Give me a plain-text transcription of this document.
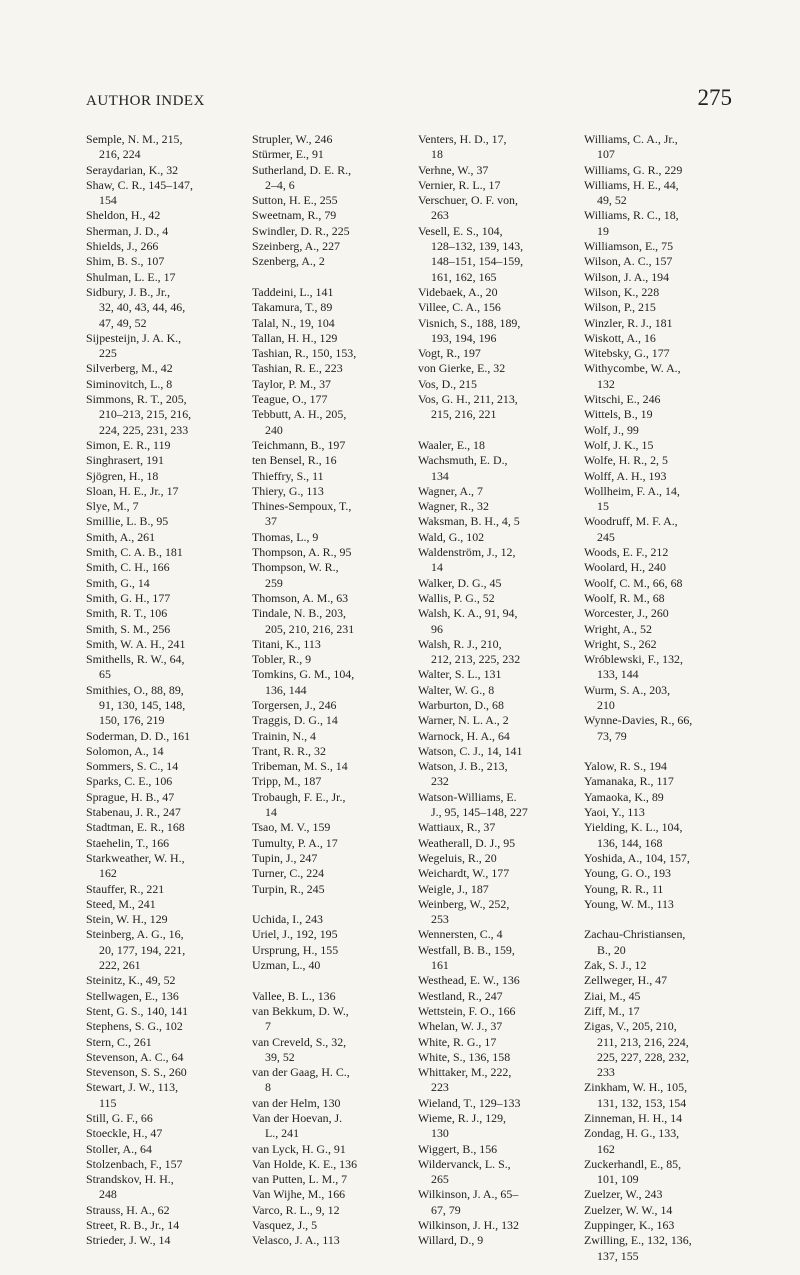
AUTHOR INDEX	275
Semple, N. M., 215,
216, 224
Seraydarian, K., 32
Shaw, C. R., 145–147,
154
Sheldon, H., 42
Sherman, J. D., 4
Shields, J., 266
Shim, B. S., 107
Shulman, L. E., 17
Sidbury, J. B., Jr.,
32, 40, 43, 44, 46,
47, 49, 52
Sijpesteijn, J. A. K.,
225
Silverberg, M., 42
Siminovitch, L., 8
Simmons, R. T., 205,
210–213, 215, 216,
224, 225, 231, 233
Simon, E. R., 119
Singhrasert, 191
Sjögren, H., 18
Sloan, H. E., Jr., 17
Slye, M., 7
Smillie, L. B., 95
Smith, A., 261
Smith, C. A. B., 181
Smith, C. H., 166
Smith, G., 14
Smith, G. H., 177
Smith, R. T., 106
Smith, S. M., 256
Smith, W. A. H., 241
Smithells, R. W., 64,
65
Smithies, O., 88, 89,
91, 130, 145, 148,
150, 176, 219
Soderman, D. D., 161
Solomon, A., 14
Sommers, S. C., 14
Sparks, C. E., 106
Sprague, H. B., 47
Stabenau, J. R., 247
Stadtman, E. R., 168
Staehelin, T., 166
Starkweather, W. H.,
162
Stauffer, R., 221
Steed, M., 241
Stein, W. H., 129
Steinberg, A. G., 16,
20, 177, 194, 221,
222, 261
Steinitz, K., 49, 52
Stellwagen, E., 136
Stent, G. S., 140, 141
Stephens, S. G., 102
Stern, C., 261
Stevenson, A. C., 64
Stevenson, S. S., 260
Stewart, J. W., 113,
115
Still, G. F., 66
Stoeckle, H., 47
Stoller, A., 64
Stolzenbach, F., 157
Strandskov, H. H.,
248
Strauss, H. A., 62
Street, R. B., Jr., 14
Strieder, J. W., 14
Strupler, W., 246
Stürmer, E., 91
Sutherland, D. E. R.,
2–4, 6
Sutton, H. E., 255
Sweetnam, R., 79
Swindler, D. R., 225
Szeinberg, A., 227
Szenberg, A., 2
Taddeini, L., 141
Takamura, T., 89
Talal, N., 19, 104
Tallan, H. H., 129
Tashian, R., 150, 153,
Tashian, R. E., 223
Taylor, P. M., 37
Teague, O., 177
Tebbutt, A. H., 205,
240
Teichmann, B., 197
ten Bensel, R., 16
Thieffry, S., 11
Thiery, G., 113
Thines-Sempoux, T.,
37
Thomas, L., 9
Thompson, A. R., 95
Thompson, W. R.,
259
Thomson, A. M., 63
Tindale, N. B., 203,
205, 210, 216, 231
Titani, K., 113
Tobler, R., 9
Tomkins, G. M., 104,
136, 144
Torgersen, J., 246
Traggis, D. G., 14
Trainin, N., 4
Trant, R. R., 32
Tribeman, M. S., 14
Tripp, M., 187
Trobaugh, F. E., Jr.,
14
Tsao, M. V., 159
Tumulty, P. A., 17
Tupin, J., 247
Turner, C., 224
Turpin, R., 245
Uchida, I., 243
Uriel, J., 192, 195
Ursprung, H., 155
Uzman, L., 40
Vallee, B. L., 136
van Bekkum, D. W.,
7
van Creveld, S., 32,
39, 52
van der Gaag, H. C.,
8
van der Helm, 130
Van der Hoevan, J.
L., 241
van Lyck, H. G., 91
Van Holde, K. E., 136
van Putten, L. M., 7
Van Wijhe, M., 166
Varco, R. L., 9, 12
Vasquez, J., 5
Velasco, J. A., 113
Venters, H. D., 17,
18
Verhne, W., 37
Vernier, R. L., 17
Verschuer, O. F. von,
263
Vesell, E. S., 104,
128–132, 139, 143,
148–151, 154–159,
161, 162, 165
Videbaek, A., 20
Villee, C. A., 156
Visnich, S., 188, 189,
193, 194, 196
Vogt, R., 197
von Gierke, E., 32
Vos, D., 215
Vos, G. H., 211, 213,
215, 216, 221
Waaler, E., 18
Wachsmuth, E. D.,
134
Wagner, A., 7
Wagner, R., 32
Waksman, B. H., 4, 5
Wald, G., 102
Waldenström, J., 12,
14
Walker, D. G., 45
Wallis, P. G., 52
Walsh, K. A., 91, 94,
96
Walsh, R. J., 210,
212, 213, 225, 232
Walter, S. L., 131
Walter, W. G., 8
Warburton, D., 68
Warner, N. L. A., 2
Warnock, H. A., 64
Watson, C. J., 14, 141
Watson, J. B., 213,
232
Watson-Williams, E.
J., 95, 145–148, 227
Wattiaux, R., 37
Weatherall, D. J., 95
Wegeluis, R., 20
Weichardt, W., 177
Weigle, J., 187
Weinberg, W., 252,
253
Wennersten, C., 4
Westfall, B. B., 159,
161
Westhead, E. W., 136
Westland, R., 247
Wettstein, F. O., 166
Whelan, W. J., 37
White, R. G., 17
White, S., 136, 158
Whittaker, M., 222,
223
Wieland, T., 129–133
Wieme, R. J., 129,
130
Wiggert, B., 156
Wildervanck, L. S.,
265
Wilkinson, J. A., 65–
67, 79
Wilkinson, J. H., 132
Willard, D., 9
Williams, C. A., Jr.,
107
Williams, G. R., 229
Williams, H. E., 44,
49, 52
Williams, R. C., 18,
19
Williamson, E., 75
Wilson, A. C., 157
Wilson, J. A., 194
Wilson, K., 228
Wilson, P., 215
Winzler, R. J., 181
Wiskott, A., 16
Witebsky, G., 177
Withycombe, W. A.,
132
Witschi, E., 246
Wittels, B., 19
Wolf, J., 99
Wolf, J. K., 15
Wolfe, H. R., 2, 5
Wolff, A. H., 193
Wollheim, F. A., 14,
15
Woodruff, M. F. A.,
245
Woods, E. F., 212
Woolard, H., 240
Woolf, C. M., 66, 68
Woolf, R. M., 68
Worcester, J., 260
Wright, A., 52
Wright, S., 262
Wróblewski, F., 132,
133, 144
Wurm, S. A., 203,
210
Wynne-Davies, R., 66,
73, 79
Yalow, R. S., 194
Yamanaka, R., 117
Yamaoka, K., 89
Yaoi, Y., 113
Yielding, K. L., 104,
136, 144, 168
Yoshida, A., 104, 157,
Young, G. O., 193
Young, R. R., 11
Young, W. M., 113
Zachau-Christiansen,
B., 20
Zak, S. J., 12
Zellweger, H., 47
Ziai, M., 45
Ziff, M., 17
Zigas, V., 205, 210,
211, 213, 216, 224,
225, 227, 228, 232,
233
Zinkham, W. H., 105,
131, 132, 153, 154
Zinneman, H. H., 14
Zondag, H. G., 133,
162
Zuckerhandl, E., 85,
101, 109
Zuelzer, W., 243
Zuelzer, W. W., 14
Zuppinger, K., 163
Zwilling, E., 132, 136,
137, 155
